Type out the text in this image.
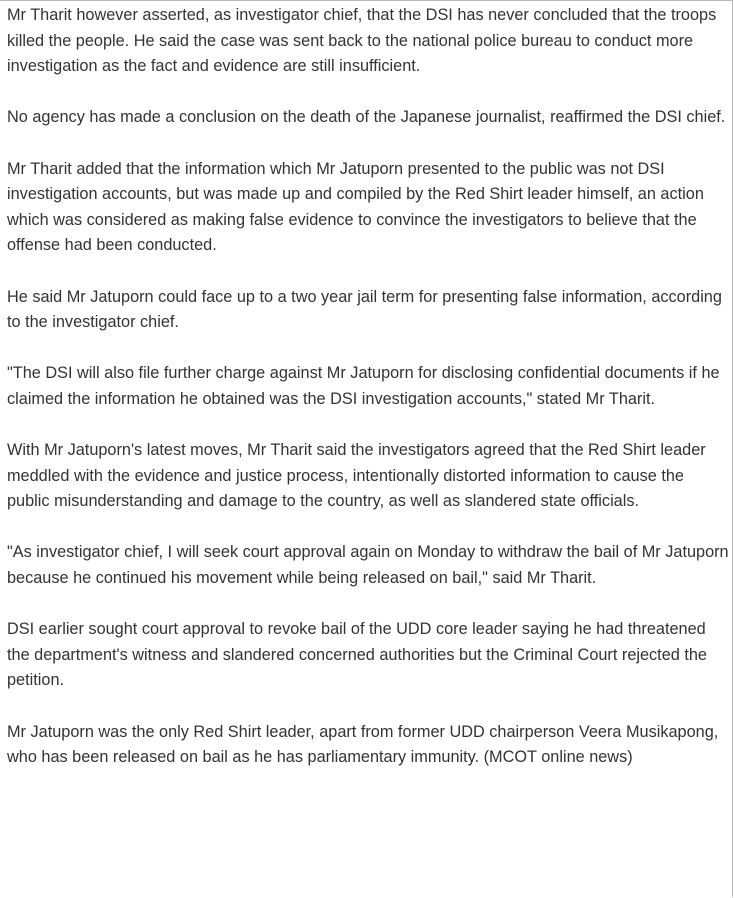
Mr Tharit however asserted, as investigator chief, that the DSI has never concluded that the troops killed the people. He said the case was sent back to the national police bureau to conduct more investigation as the fact and evidence are still insufficient.

No agency has made a conclusion on the death of the Japanese journalist, reaffirmed the DSI chief.

Mr Tharit added that the information which Mr Jatuporn presented to the public was not DSI investigation accounts, but was made up and compiled by the Red Shirt leader himself, an action which was considered as making false evidence to convince the investigators to believe that the offense had been conducted.

He said Mr Jatuporn could face up to a two year jail term for presenting false information, according to the investigator chief.

"The DSI will also file further charge against Mr Jatuporn for disclosing confidential documents if he claimed the information he obtained was the DSI investigation accounts," stated Mr Tharit.

With Mr Jatuporn's latest moves, Mr Tharit said the investigators agreed that the Red Shirt leader meddled with the evidence and justice process, intentionally distorted information to cause the public misunderstanding and damage to the country, as well as slandered state officials.

"As investigator chief, I will seek court approval again on Monday to withdraw the bail of Mr Jatuporn because he continued his movement while being released on bail," said Mr Tharit.

DSI earlier sought court approval to revoke bail of the UDD core leader saying he had threatened the department's witness and slandered concerned authorities but the Criminal Court rejected the petition.

Mr Jatuporn was the only Red Shirt leader, apart from former UDD chairperson Veera Musikapong, who has been released on bail as he has parliamentary immunity. (MCOT online news)
